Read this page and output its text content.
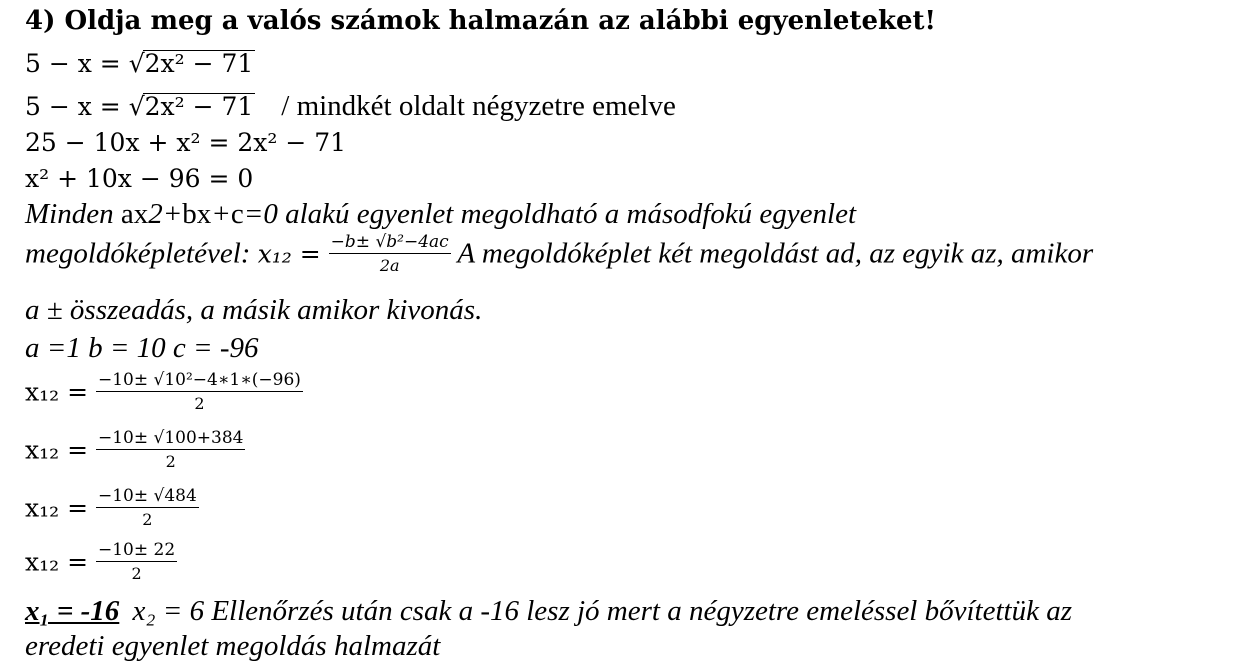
4) Oldja meg a valós számok halmazán az alábbi egyenleteket!
5 − x = √2x² − 71
5 − x = √2x² − 71 / mindkét oldalt négyzetre emelve
25 − 10x + x² = 2x² − 71
x² + 10x − 96 = 0
Minden ax2+bx+c=0 alakú egyenlet megoldható a másodfokú egyenlet
megoldóképletével: $x_{12} = \frac{\text{−b± √b²−4ac}}{2a}$ A megoldóképlet két megoldást ad, az egyik az, amikor
a ± összeadás, a másik amikor kivonás.
a =1 b = 10 c = -96
$x_{12} = \frac{\text{−10± √10²−4∗1∗(−96)}}{2}$
$x_{12} = \frac{-10\pm √100+384}{2}$
$x_{12} = \frac{-10\pm √484}{2}$
$x_{12} = \frac{-10\pm 22}{2}$
x₁ = -16 x₂ = 6 Ellenőrzés után csak a -16 lesz jó mert a négyzetre emeléssel bővítettük az
eredeti egyenlet megoldás halmazát
